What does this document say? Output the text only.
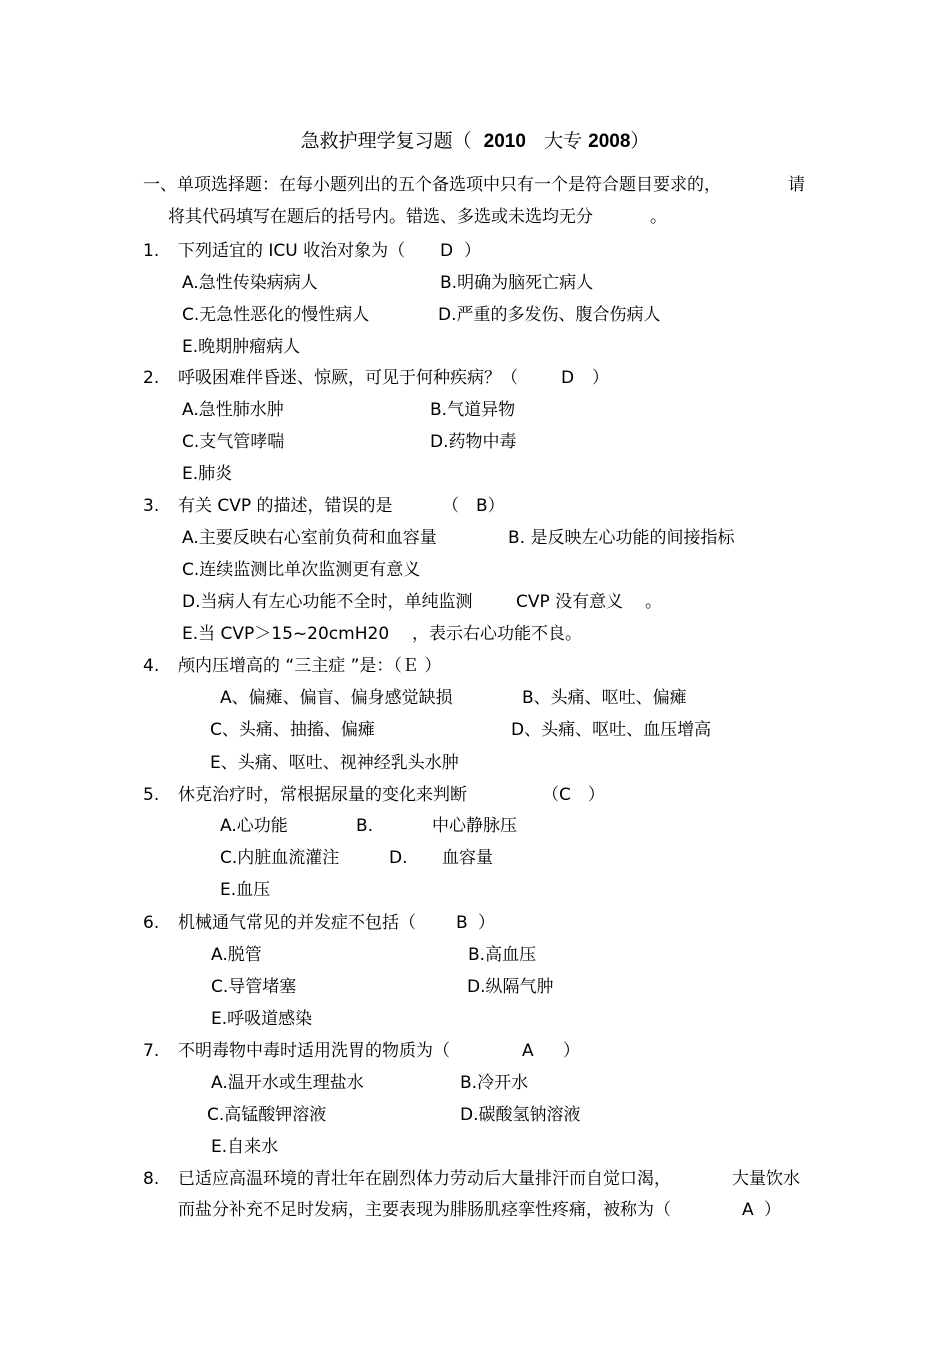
急救护理学复习题（ 2010 大专 2008）
一、单项选择题：在每小题列出的五个备选项中只有一个是符合题目要求的，	请
将其代码填写在题后的括号内。错选、多选或未选均无分	。
1. 下列适宜的 ICU 收治对象为（ D ）
A.急性传染病病人	B.明确为脑死亡病人
C.无急性恶化的慢性病人	D.严重的多发伤、腹合伤病人
E.晚期肿瘤病人
2. 呼吸困难伴昏迷、惊厥，可见于何种疾病？（	D ）
A.急性肺水肿	B.气道异物
C.支气管哮喘	D.药物中毒
E.肺炎
3. 有关 CVP 的描述，错误的是	（　B）
A.主要反映右心室前负荷和血容量	B. 是反映左心功能的间接指标
C.连续监测比单次监测更有意义
D.当病人有左心功能不全时，单纯监测	CVP 没有意义 。
E.当 CVP＞15~20cmH20 ，表示右心功能不良。
4. 颅内压增高的 “三主症 ”是：（Ｅ ）
A、偏瘫、偏盲、偏身感觉缺损	B、头痛、呕吐、偏瘫
C、头痛、抽搐、偏瘫	D、头痛、呕吐、血压增高
E、头痛、呕吐、视神经乳头水肿
5. 休克治疗时，常根据尿量的变化来判断	（C　）
A.心功能	B.	中心静脉压
C.内脏血流灌注	D. 血容量
E.血压
6. 机械通气常见的并发症不包括（ B ）
A.脱管	B.高血压
C.导管堵塞	D.纵隔气肿
E.呼吸道感染
7. 不明毒物中毒时适用洗胃的物质为（	A ）
A.温开水或生理盐水	B.冷开水
C.高锰酸钾溶液	D.碳酸氢钠溶液
E.自来水
8. 已适应高温环境的青壮年在剧烈体力劳动后大量排汗而自觉口渴，	大量饮水
而盐分补充不足时发病，主要表现为腓肠肌痉挛性疼痛，被称为（	A ）
